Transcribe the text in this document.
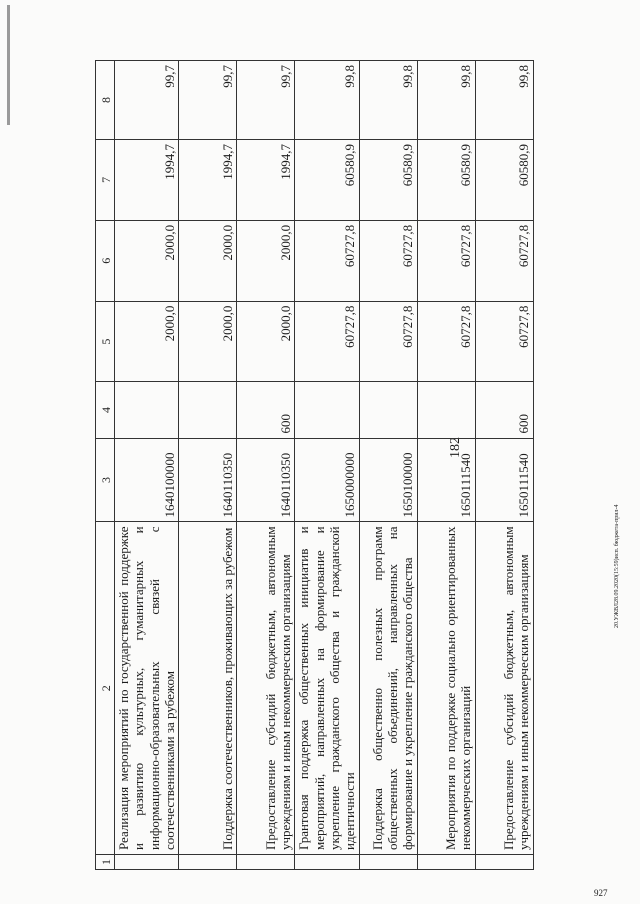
182
20.УЖВЛ28.09.2020(15:59)исп. бюджета-прил-4
927
1	2	3	4	5	6	7	8
	Реализация мероприятий по государственной поддержке и развитию культурных, гуманитарных и информационно-образовательных связей с соотечественниками за рубежом	1640100000		2000,0	2000,0	1994,7	99,7
	Поддержка соотечественников, проживающих за рубежом	1640110350		2000,0	2000,0	1994,7	99,7
	Предоставление субсидий бюджетным, автономным учреждениям и иным некоммерческим организациям	1640110350	600	2000,0	2000,0	1994,7	99,7
	Грантовая поддержка общественных инициатив и мероприятий, направленных на формирование и укрепление гражданского общества и гражданской идентичности	1650000000		60727,8	60727,8	60580,9	99,8
	Поддержка общественно полезных программ общественных объединений, направленных на формирование и укрепление гражданского общества	1650100000		60727,8	60727,8	60580,9	99,8
	Мероприятия по поддержке социально ориентированных некоммерческих организаций	1650111540		60727,8	60727,8	60580,9	99,8
	Предоставление субсидий бюджетным, автономным учреждениям и иным некоммерческим организациям	1650111540	600	60727,8	60727,8	60580,9	99,8
